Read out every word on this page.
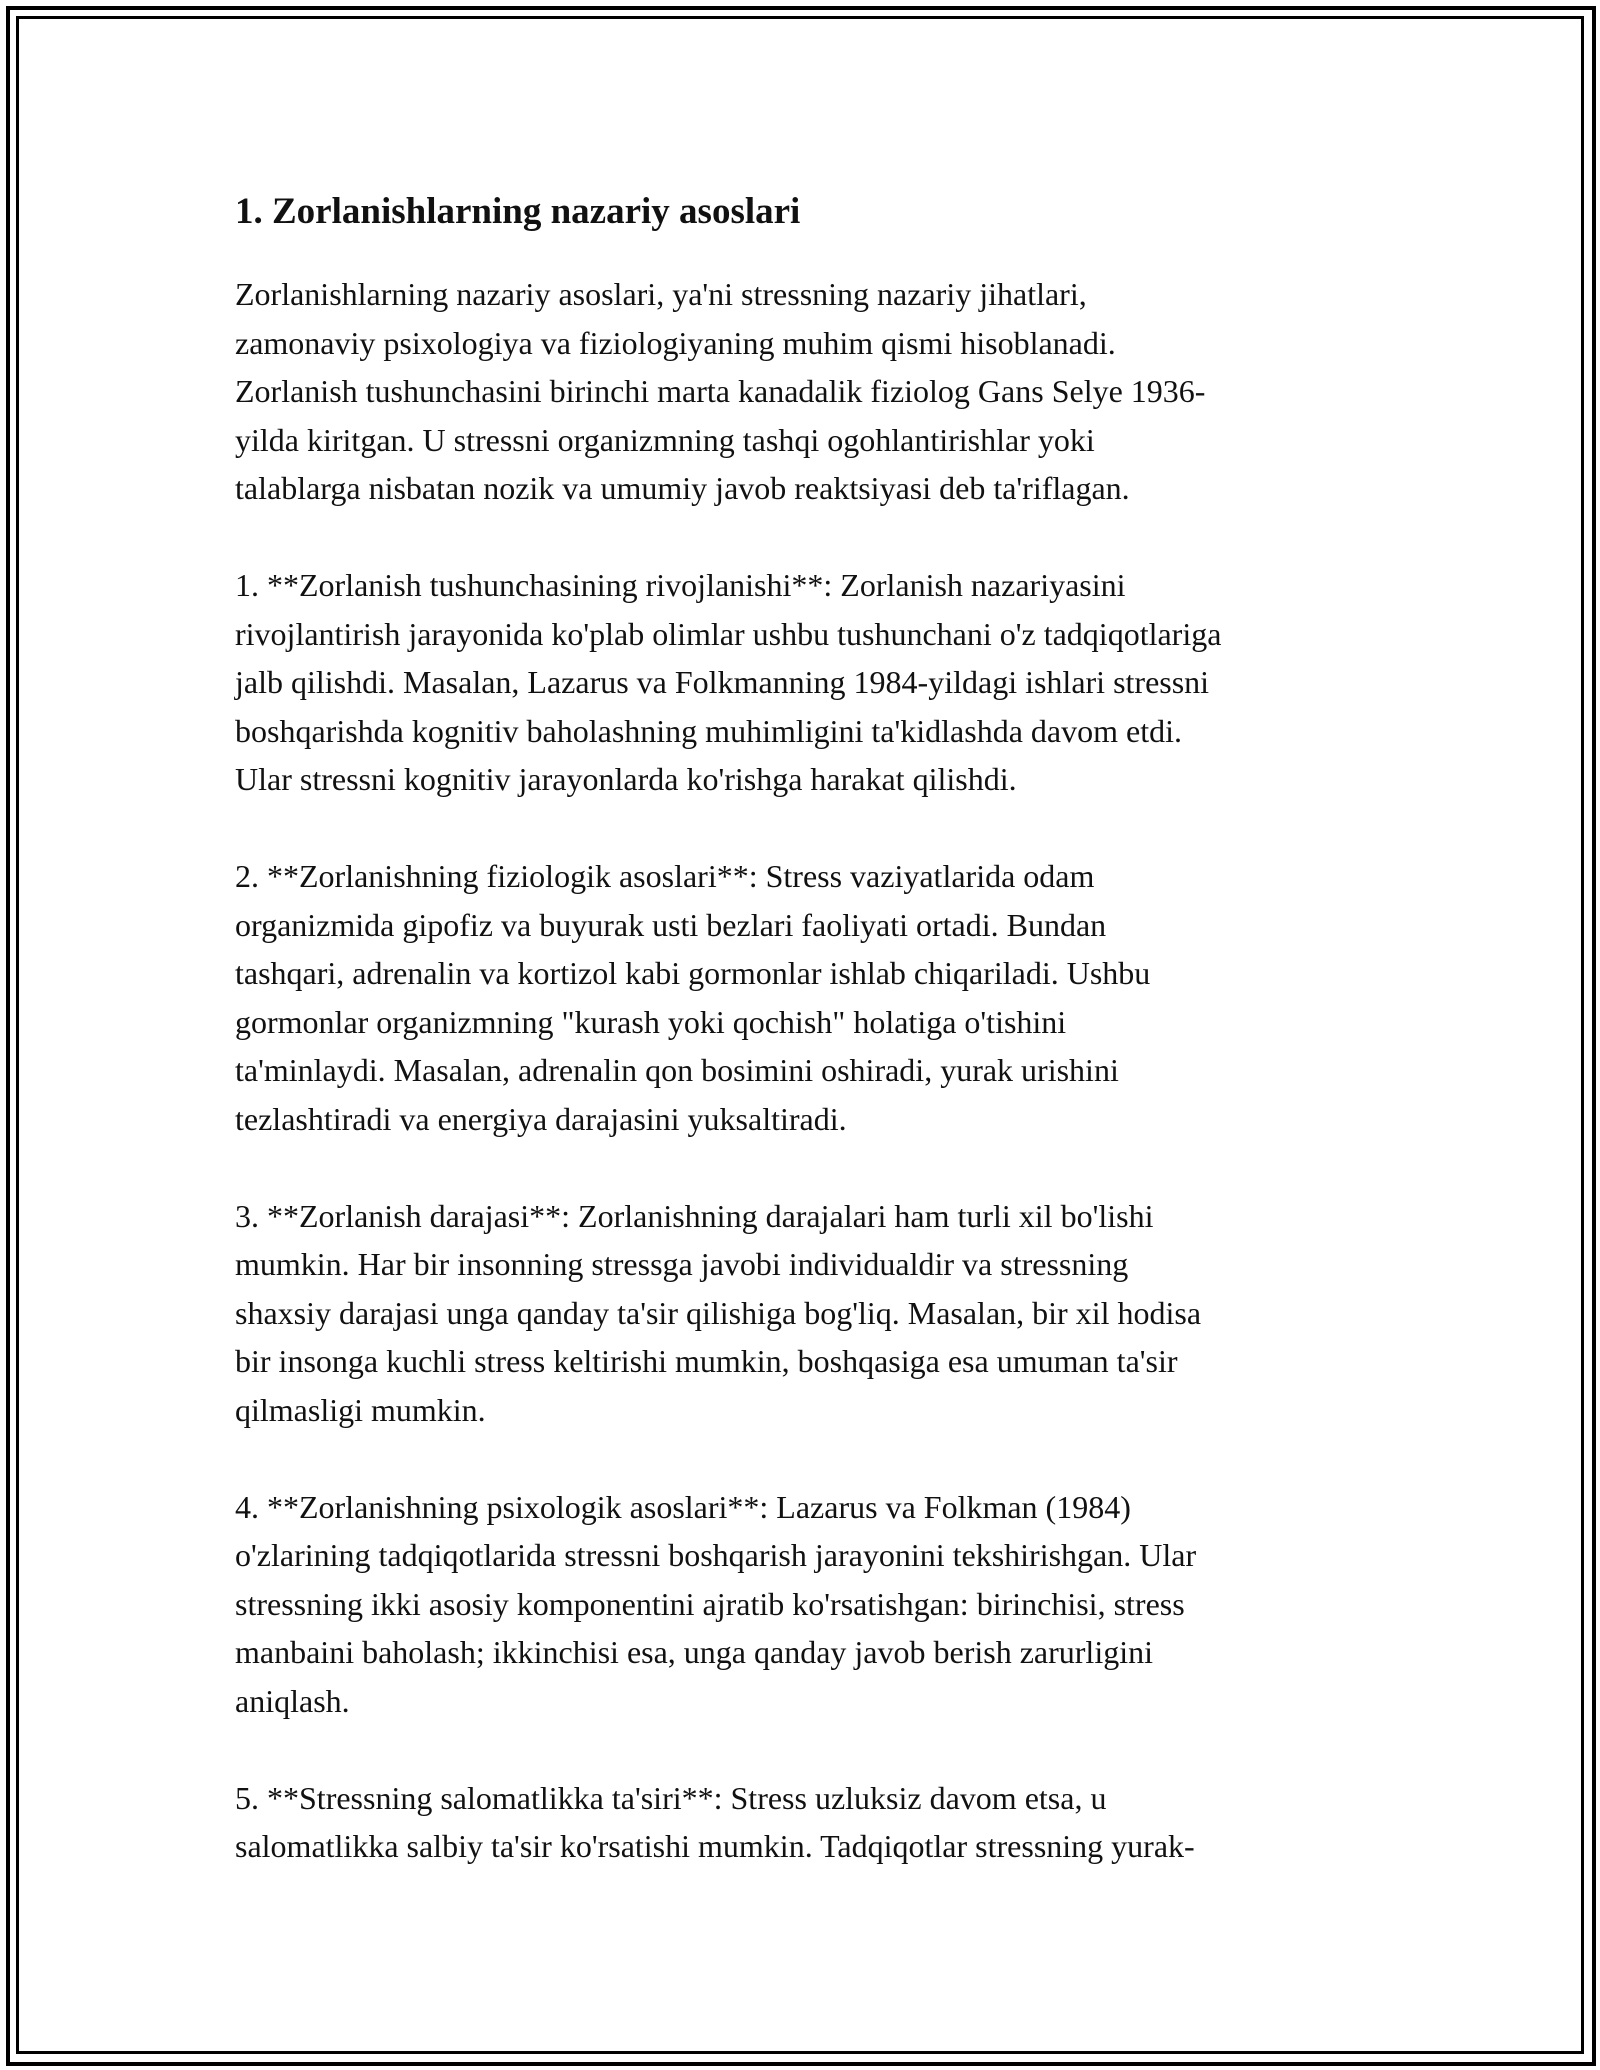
1. Zorlanishlarning nazariy asoslari
Zorlanishlarning nazariy asoslari, ya'ni stressning nazariy jihatlari,
zamonaviy psixologiya va fiziologiyaning muhim qismi hisoblanadi.
Zorlanish tushunchasini birinchi marta kanadalik fiziolog Gans Selye 1936-
yilda kiritgan. U stressni organizmning tashqi ogohlantirishlar yoki
talablarga nisbatan nozik va umumiy javob reaktsiyasi deb ta'riflagan.
1. **Zorlanish tushunchasining rivojlanishi**: Zorlanish nazariyasini
rivojlantirish jarayonida ko'plab olimlar ushbu tushunchani o'z tadqiqotlariga
jalb qilishdi. Masalan, Lazarus va Folkmanning 1984-yildagi ishlari stressni
boshqarishda kognitiv baholashning muhimligini ta'kidlashda davom etdi.
Ular stressni kognitiv jarayonlarda ko'rishga harakat qilishdi.
2. **Zorlanishning fiziologik asoslari**: Stress vaziyatlarida odam
organizmida gipofiz va buyurak usti bezlari faoliyati ortadi. Bundan
tashqari, adrenalin va kortizol kabi gormonlar ishlab chiqariladi. Ushbu
gormonlar organizmning "kurash yoki qochish" holatiga o'tishini
ta'minlaydi. Masalan, adrenalin qon bosimini oshiradi, yurak urishini
tezlashtiradi va energiya darajasini yuksaltiradi.
3. **Zorlanish darajasi**: Zorlanishning darajalari ham turli xil bo'lishi
mumkin. Har bir insonning stressga javobi individualdir va stressning
shaxsiy darajasi unga qanday ta'sir qilishiga bog'liq. Masalan, bir xil hodisa
bir insonga kuchli stress keltirishi mumkin, boshqasiga esa umuman ta'sir
qilmasligi mumkin.
4. **Zorlanishning psixologik asoslari**: Lazarus va Folkman (1984)
o'zlarining tadqiqotlarida stressni boshqarish jarayonini tekshirishgan. Ular
stressning ikki asosiy komponentini ajratib ko'rsatishgan: birinchisi, stress
manbaini baholash; ikkinchisi esa, unga qanday javob berish zarurligini
aniqlash.
5. **Stressning salomatlikka ta'siri**: Stress uzluksiz davom etsa, u
salomatlikka salbiy ta'sir ko'rsatishi mumkin. Tadqiqotlar stressning yurak-
